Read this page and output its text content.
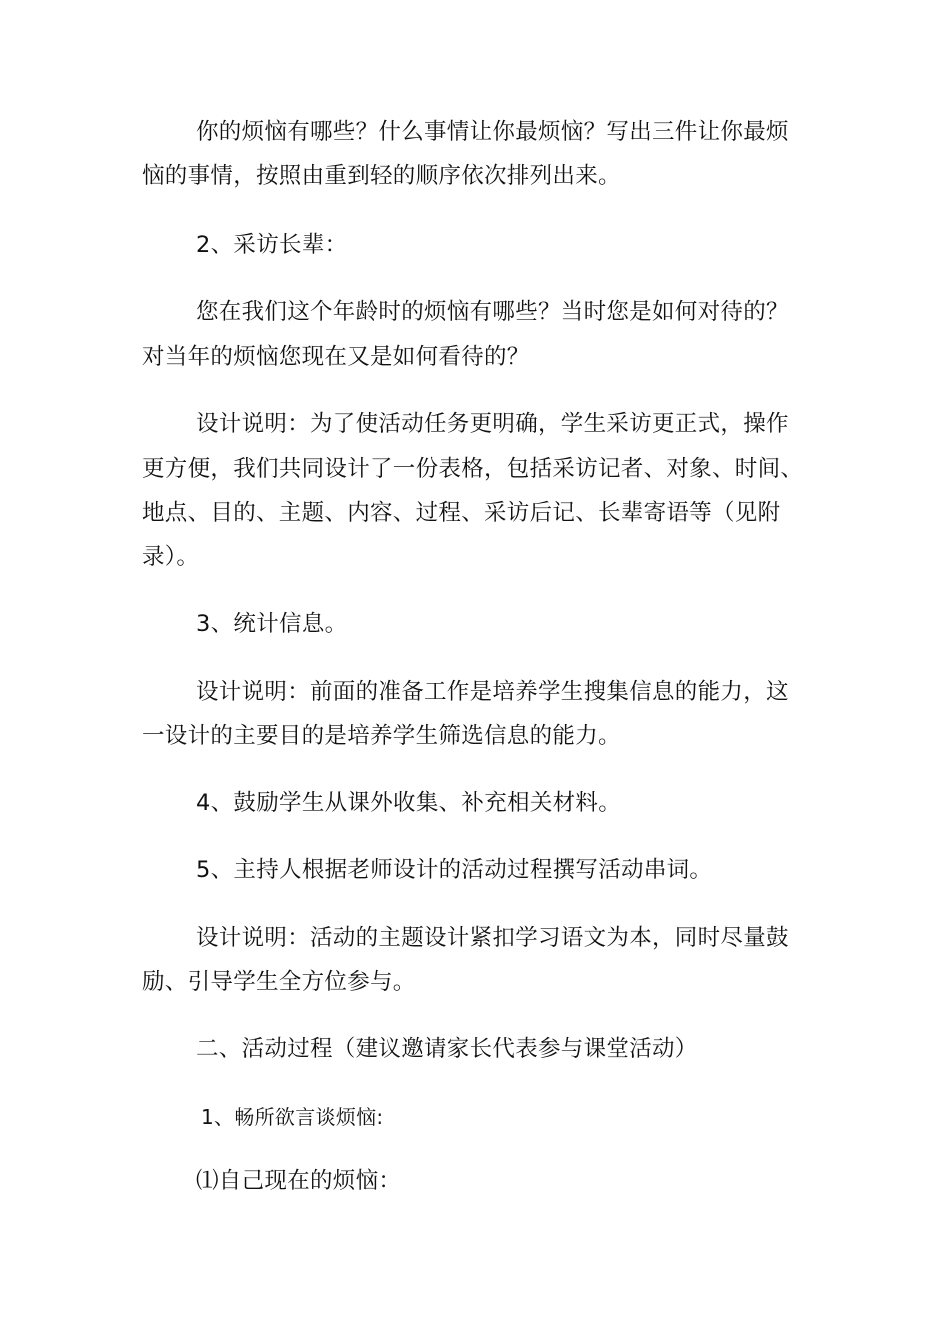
你的烦恼有哪些？什么事情让你最烦恼？写出三件让你最烦
恼的事情，按照由重到轻的顺序依次排列出来。
2、采访长辈：
您在我们这个年龄时的烦恼有哪些？当时您是如何对待的？
对当年的烦恼您现在又是如何看待的？
设计说明：为了使活动任务更明确，学生采访更正式，操作
更方便，我们共同设计了一份表格，包括采访记者、对象、时间、
地点、目的、主题、内容、过程、采访后记、长辈寄语等（见附
录）。
3、统计信息。
设计说明：前面的准备工作是培养学生搜集信息的能力，这
一设计的主要目的是培养学生筛选信息的能力。
4、鼓励学生从课外收集、补充相关材料。
5、主持人根据老师设计的活动过程撰写活动串词。
设计说明：活动的主题设计紧扣学习语文为本，同时尽量鼓
励、引导学生全方位参与。
二、活动过程（建议邀请家长代表参与课堂活动）
1、畅所欲言谈烦恼:
⑴自己现在的烦恼：
